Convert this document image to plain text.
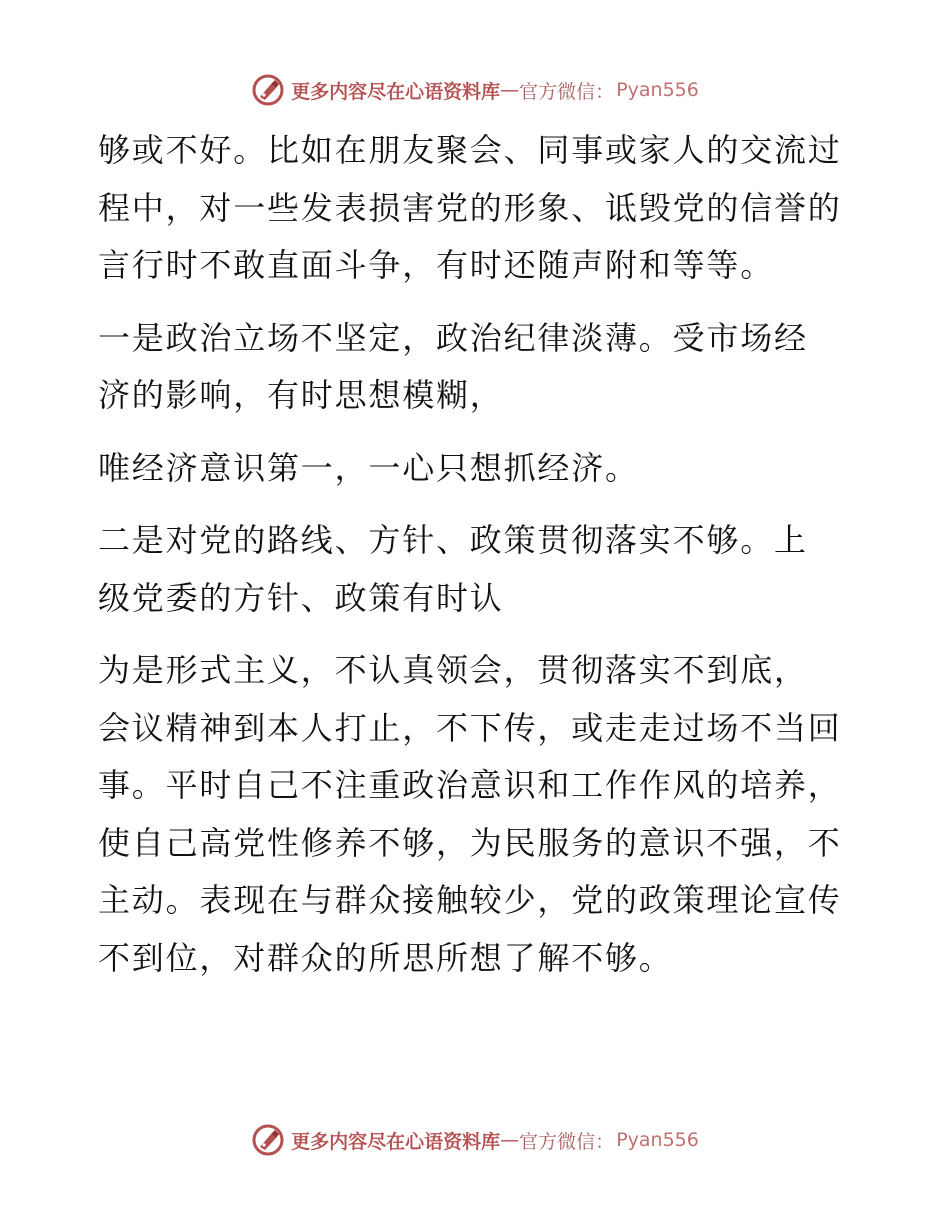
更多内容尽在心语资料库 — 官方微信： Pyan556
够或不好。比如在朋友聚会、同事或家人的交流过
程中，对一些发表损害党的形象、诋毁党的信誉的
言行时不敢直面斗争，有时还随声附和等等。
一是政治立场不坚定，政治纪律淡薄。受市场经
济的影响，有时思想模糊，
唯经济意识第一，一心只想抓经济。
二是对党的路线、方针、政策贯彻落实不够。上
级党委的方针、政策有时认
为是形式主义，不认真领会，贯彻落实不到底，
会议精神到本人打止，不下传，或走走过场不当回
事。平时自己不注重政治意识和工作作风的培养，
使自己高党性修养不够，为民服务的意识不强，不
主动。表现在与群众接触较少，党的政策理论宣传
不到位，对群众的所思所想了解不够。
更多内容尽在心语资料库 — 官方微信： Pyan556
